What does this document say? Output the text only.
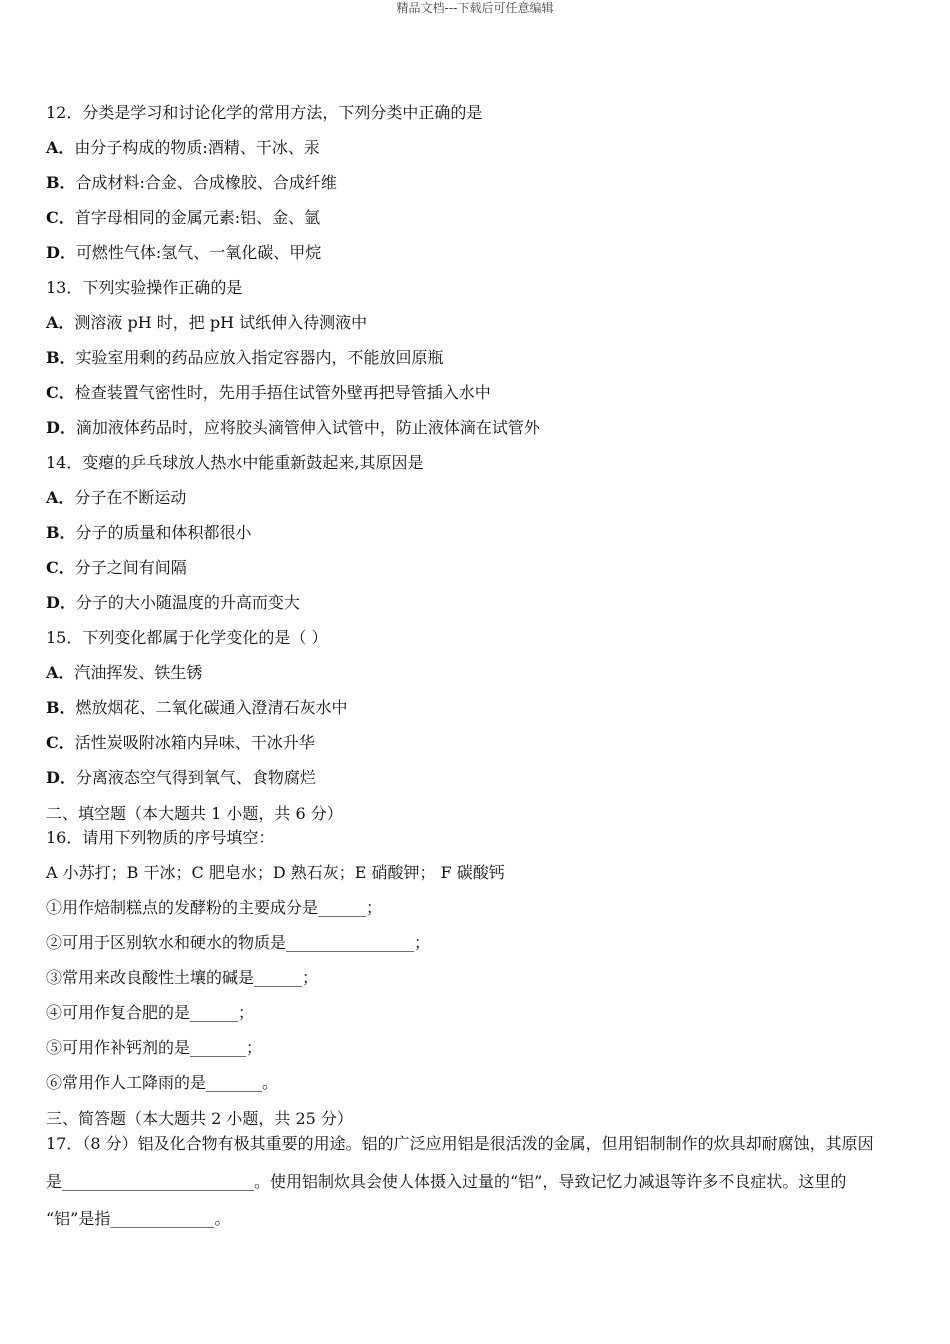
精品文档---下载后可任意编辑
12．分类是学习和讨论化学的常用方法，下列分类中正确的是
A．由分子构成的物质:酒精、干冰、汞
B．合成材料:合金、合成橡胶、合成纤维
C．首字母相同的金属元素:铝、金、氩
D．可燃性气体:氢气、一氧化碳、甲烷
13．下列实验操作正确的是
A．测溶液 pH 时，把 pH 试纸伸入待测液中
B．实验室用剩的药品应放入指定容器内，不能放回原瓶
C．检查装置气密性时，先用手捂住试管外壁再把导管插入水中
D．滴加液体药品时，应将胶头滴管伸入试管中，防止液体滴在试管外
14．变瘪的乒乓球放人热水中能重新鼓起来,其原因是
A．分子在不断运动
B．分子的质量和体积都很小
C．分子之间有间隔
D．分子的大小随温度的升高而变大
15．下列变化都属于化学变化的是（ ）
A．汽油挥发、铁生锈
B．燃放烟花、二氧化碳通入澄清石灰水中
C．活性炭吸附冰箱内异味、干冰升华
D．分离液态空气得到氧气、食物腐烂
二、填空题（本大题共 1 小题，共 6 分）
16．请用下列物质的序号填空：
A 小苏打；B 干冰；C 肥皂水；D 熟石灰；E 硝酸钾； F 碳酸钙
①用作焙制糕点的发酵粉的主要成分是______；
②可用于区别软水和硬水的物质是________________；
③常用来改良酸性土壤的碱是______；
④可用作复合肥的是______；
⑤可用作补钙剂的是_______；
⑥常用作人工降雨的是_______。
三、简答题（本大题共 2 小题，共 25 分）
17．（8 分）铝及化合物有极其重要的用途。铝的广泛应用铝是很活泼的金属，但用铝制制作的炊具却耐腐蚀，其原因
是________________________。使用铝制炊具会使人体摄入过量的“铝”，导致记忆力减退等许多不良症状。这里的
“铝”是指_____________。
